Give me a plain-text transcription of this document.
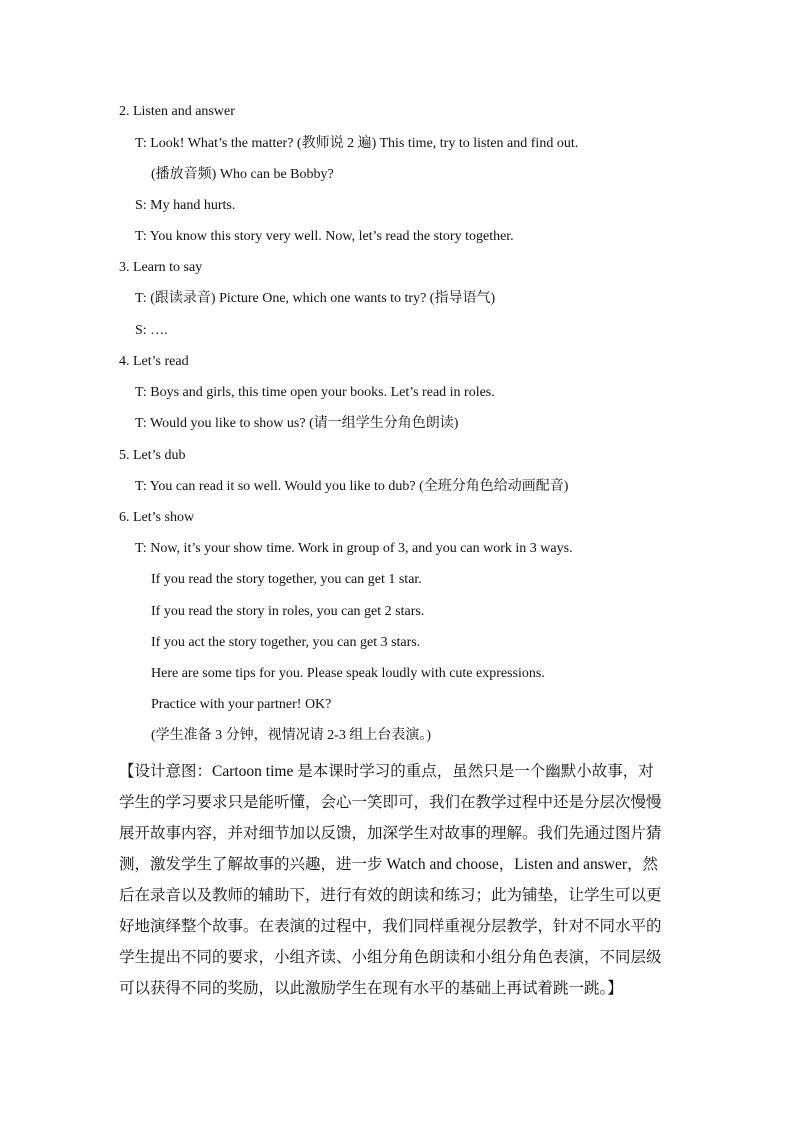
2. Listen and answer
T: Look! What’s the matter? (教师说 2 遍) This time, try to listen and find out.
(播放音频) Who can be Bobby?
S: My hand hurts.
T: You know this story very well. Now, let’s read the story together.
3. Learn to say
T: (跟读录音) Picture One, which one wants to try? (指导语气)
S: ….
4. Let’s read
T: Boys and girls, this time open your books. Let’s read in roles.
T: Would you like to show us? (请一组学生分角色朗读)
5. Let’s dub
T: You can read it so well. Would you like to dub? (全班分角色给动画配音)
6. Let’s show
T: Now, it’s your show time. Work in group of 3, and you can work in 3 ways.
If you read the story together, you can get 1 star.
If you read the story in roles, you can get 2 stars.
If you act the story together, you can get 3 stars.
Here are some tips for you. Please speak loudly with cute expressions.
Practice with your partner! OK?
(学生准备 3 分钟，视情况请 2-3 组上台表演。)
【设计意图：Cartoon time 是本课时学习的重点，虽然只是一个幽默小故事，对
学生的学习要求只是能听懂，会心一笑即可，我们在教学过程中还是分层次慢慢
展开故事内容，并对细节加以反馈，加深学生对故事的理解。我们先通过图片猜
测，激发学生了解故事的兴趣，进一步 Watch and choose，Listen and answer，然
后在录音以及教师的辅助下，进行有效的朗读和练习；此为铺垫，让学生可以更
好地演绎整个故事。在表演的过程中，我们同样重视分层教学，针对不同水平的
学生提出不同的要求，小组齐读、小组分角色朗读和小组分角色表演，不同层级
可以获得不同的奖励，以此激励学生在现有水平的基础上再试着跳一跳。】
